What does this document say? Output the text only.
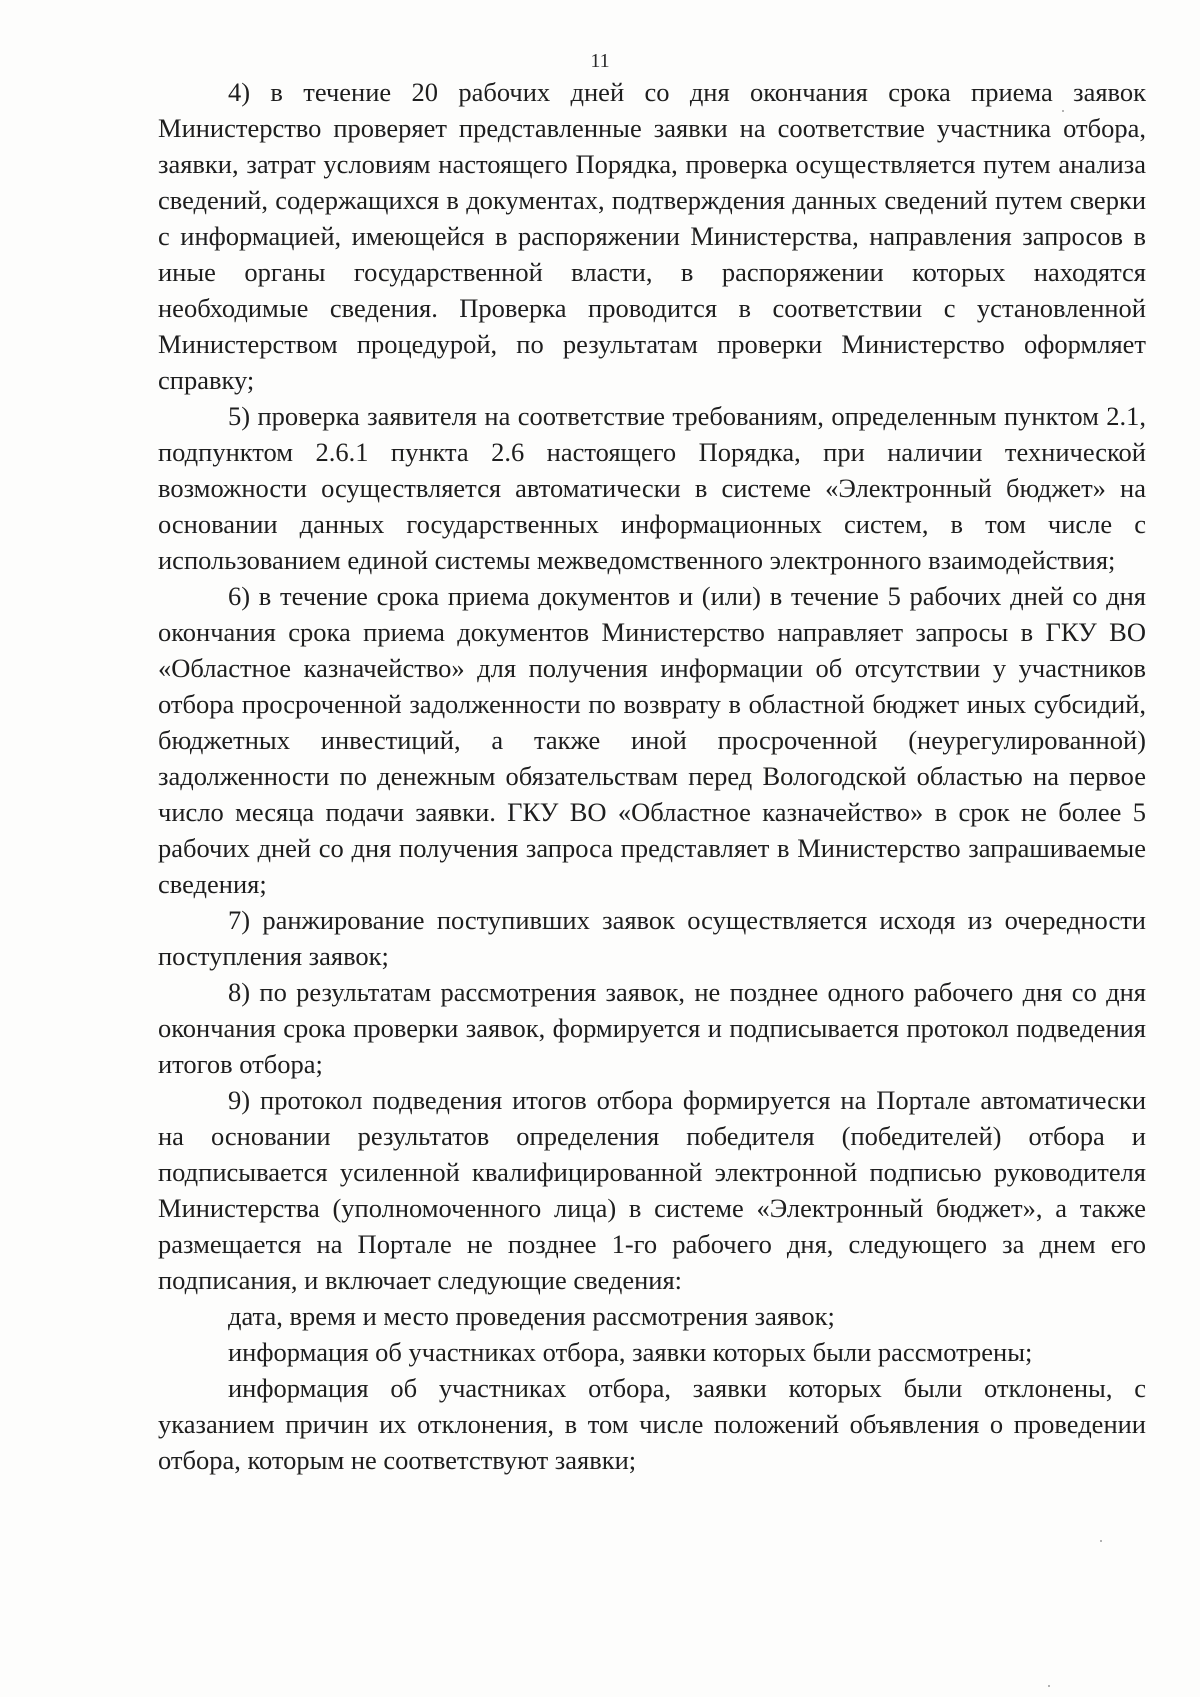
11

4) в течение 20 рабочих дней со дня окончания срока приема заявок Министерство проверяет представленные заявки на соответствие участника отбора, заявки, затрат условиям настоящего Порядка, проверка осуществляется путем анализа сведений, содержащихся в документах, подтверждения данных сведений путем сверки с информацией, имеющейся в распоряжении Министерства, направления запросов в иные органы государственной власти, в распоряжении которых находятся необходимые сведения. Проверка проводится в соответствии с установленной Министерством процедурой, по результатам проверки Министерство оформляет справку;

5) проверка заявителя на соответствие требованиям, определенным пунктом 2.1, подпунктом 2.6.1 пункта 2.6 настоящего Порядка, при наличии технической возможности осуществляется автоматически в системе «Электронный бюджет» на основании данных государственных информационных систем, в том числе с использованием единой системы межведомственного электронного взаимодействия;

6) в течение срока приема документов и (или) в течение 5 рабочих дней со дня окончания срока приема документов Министерство направляет запросы в ГКУ ВО «Областное казначейство» для получения информации об отсутствии у участников отбора просроченной задолженности по возврату в областной бюджет иных субсидий, бюджетных инвестиций, а также иной просроченной (неурегулированной) задолженности по денежным обязательствам перед Вологодской областью на первое число месяца подачи заявки. ГКУ ВО «Областное казначейство» в срок не более 5 рабочих дней со дня получения запроса представляет в Министерство запрашиваемые сведения;

7) ранжирование поступивших заявок осуществляется исходя из очередности поступления заявок;

8) по результатам рассмотрения заявок, не позднее одного рабочего дня со дня окончания срока проверки заявок, формируется и подписывается протокол подведения итогов отбора;

9) протокол подведения итогов отбора формируется на Портале автоматически на основании результатов определения победителя (победителей) отбора и подписывается усиленной квалифицированной электронной подписью руководителя Министерства (уполномоченного лица) в системе «Электронный бюджет», а также размещается на Портале не позднее 1-го рабочего дня, следующего за днем его подписания, и включает следующие сведения:

дата, время и место проведения рассмотрения заявок;

информация об участниках отбора, заявки которых были рассмотрены;

информация об участниках отбора, заявки которых были отклонены, с указанием причин их отклонения, в том числе положений объявления о проведении отбора, которым не соответствуют заявки;
